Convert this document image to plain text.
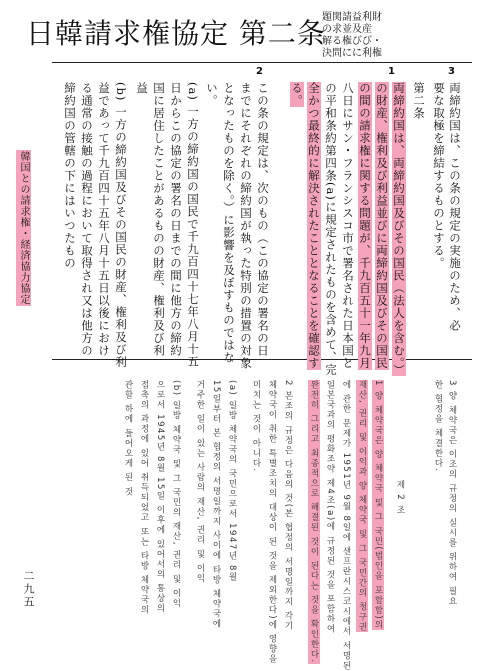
日韓請求権協定 第二条
題関請益利財
の求並及産
解る権びび・
決問にに利権
韓国との請求権・経済協力協定
3
1
2
両締約国は、この条の規定の実施のため、必
要な取極を締結するものとする。
第二条
両締約国は、両締約国及びその国民（法人を含む。）
の財産、権利及び利益並びに両締約国及びその国民
の間の請求権に関する問題が、千九百五十一年九月
八日にサン・フランシスコ市で署名された日本国と
の平和条約第四条(a)に規定されたものを含めて、完
全かつ最終的に解決されたこととなることを確認す
る。
この条の規定は、次のもの（この協定の署名の日
までにそれぞれの締約国が執った特別の措置の対象
となったものを除く。）に影響を及ぼすものではな
い。
(a) 一方の締約国の国民で千九百四十七年八月十五
日からこの協定の署名の日までの間に他方の締約
国に居住したことがあるものの財産、権利及び利
益
(b) 一方の締約国及びその国民の財産、権利及び利
益であって千九百四十五年八月十五日以後におけ
る通常の接触の過程において取得され又は他方の
締約国の管轄の下にはいつたもの
3 양 체약국은 이조의 규정의 실시를 위하여 필요
한 협정을 체결한다.
제 2 조
1 양 체약국은 양 체약국 및 그 국민(법인을 포함함)의
재산, 권리 및 이익과 양 체약국 및 그 국민간의 청구권
에 관한 문제가 1951년 9월 8일에 샌프란시스코시에서 서명된
일본국과의 평화조약 제4조(a)에 규정된 것을 포함하여
완전히 그리고 최종적으로 해결된 것이 된다는 것을 확인한다.
2 본조의 규정은 다음의 것(본 협정의 서명일까지 각기
체약국이 취한 특별조치의 대상이 된 것을 제외한다)에 영향을
미치는 것이 아니다.
(a) 일방 체약국의 국민으로서 1947년 8월
15일부터 본 협정의 서명일까지 사이에 타방 체약국에
거주한 일이 있는 사람의 재산, 권리 및 이익
(b) 일방 체약국 및 그 국민의 재산, 권리 및 이익
으로서 1945년 8월 15일 이후에 있어서의 통상의
접촉의 과정에 있어 취득되었고 또는 타방 체약국의
관할 하에 들어오게 된 것
二九五
